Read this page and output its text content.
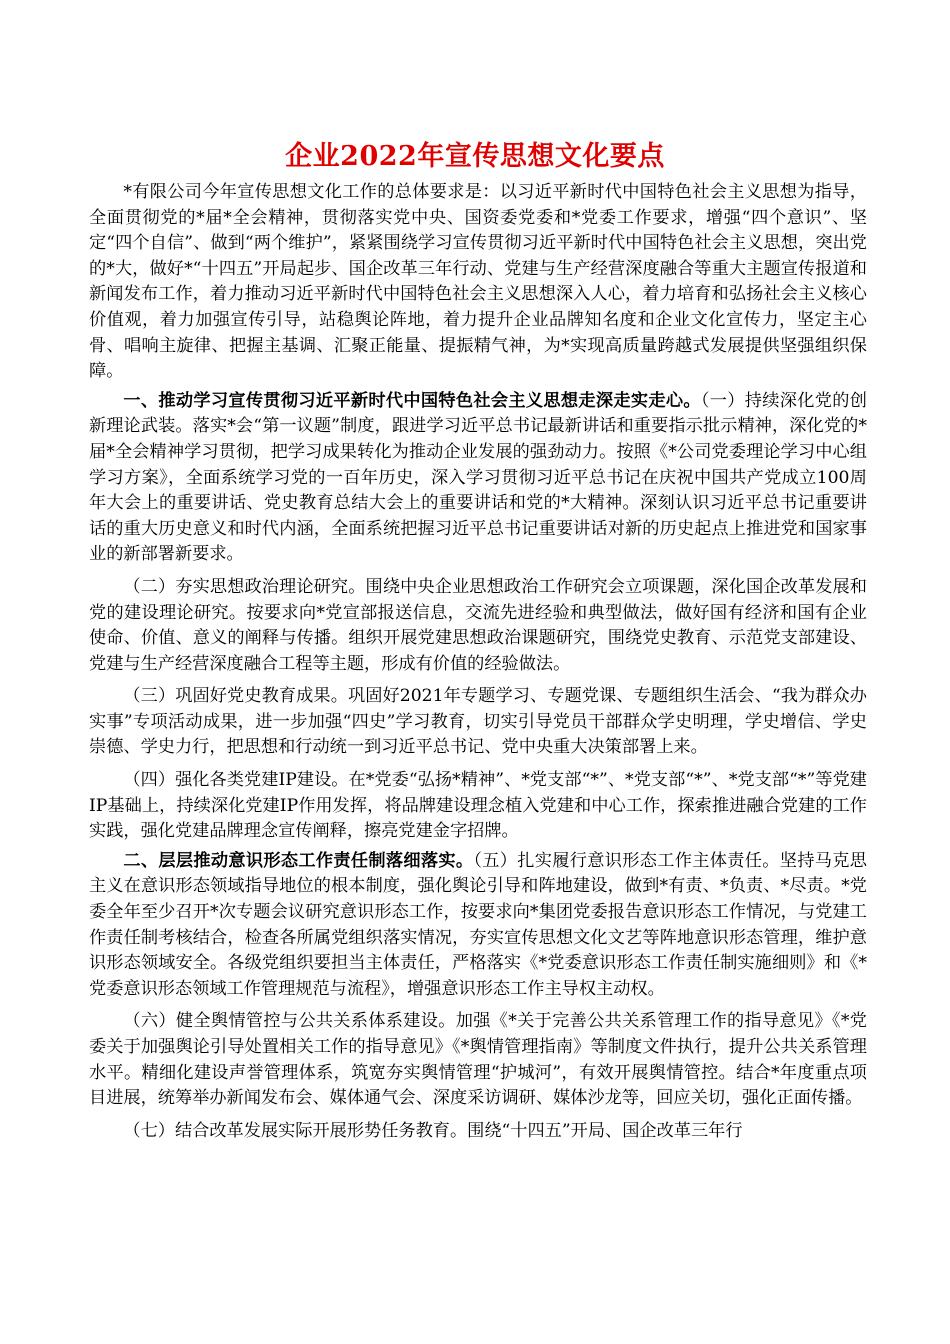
企业2022年宣传思想文化要点

*有限公司今年宣传思想文化工作的总体要求是：以习近平新时代中国特色社会主义思想为指导，全面贯彻党的*届*全会精神，贯彻落实党中央、国资委党委和*党委工作要求，增强“四个意识”、坚定“四个自信”、做到“两个维护”，紧紧围绕学习宣传贯彻习近平新时代中国特色社会主义思想，突出党的*大，做好*“十四五”开局起步、国企改革三年行动、党建与生产经营深度融合等重大主题宣传报道和新闻发布工作，着力推动习近平新时代中国特色社会主义思想深入人心，着力培育和弘扬社会主义核心价值观，着力加强宣传引导，站稳舆论阵地，着力提升企业品牌知名度和企业文化宣传力，坚定主心骨、唱响主旋律、把握主基调、汇聚正能量、提振精气神，为*实现高质量跨越式发展提供坚强组织保障。

一、推动学习宣传贯彻习近平新时代中国特色社会主义思想走深走实走心。（一）持续深化党的创新理论武装。落实*会“第一议题”制度，跟进学习近平总书记最新讲话和重要指示批示精神，深化党的*届*全会精神学习贯彻，把学习成果转化为推动企业发展的强劲动力。按照《*公司党委理论学习中心组学习方案》，全面系统学习党的一百年历史，深入学习贯彻习近平总书记在庆祝中国共产党成立100周年大会上的重要讲话、党史教育总结大会上的重要讲话和党的*大精神。深刻认识习近平总书记重要讲话的重大历史意义和时代内涵，全面系统把握习近平总书记重要讲话对新的历史起点上推进党和国家事业的新部署新要求。

（二）夯实思想政治理论研究。围绕中央企业思想政治工作研究会立项课题，深化国企改革发展和党的建设理论研究。按要求向*党宣部报送信息，交流先进经验和典型做法，做好国有经济和国有企业使命、价值、意义的阐释与传播。组织开展党建思想政治课题研究，围绕党史教育、示范党支部建设、党建与生产经营深度融合工程等主题，形成有价值的经验做法。

（三）巩固好党史教育成果。巩固好2021年专题学习、专题党课、专题组织生活会、“我为群众办实事”专项活动成果，进一步加强“四史”学习教育，切实引导党员干部群众学史明理，学史增信、学史崇德、学史力行，把思想和行动统一到习近平总书记、党中央重大决策部署上来。

（四）强化各类党建IP建设。在*党委“弘扬*精神”、*党支部“*”、*党支部“*”、*党支部“*”等党建IP基础上，持续深化党建IP作用发挥，将品牌建设理念植入党建和中心工作，探索推进融合党建的工作实践，强化党建品牌理念宣传阐释，擦亮党建金字招牌。

二、层层推动意识形态工作责任制落细落实。（五）扎实履行意识形态工作主体责任。坚持马克思主义在意识形态领域指导地位的根本制度，强化舆论引导和阵地建设，做到*有责、*负责、*尽责。*党委全年至少召开*次专题会议研究意识形态工作，按要求向*集团党委报告意识形态工作情况，与党建工作责任制考核结合，检查各所属党组织落实情况，夯实宣传思想文化文艺等阵地意识形态管理，维护意识形态领域安全。各级党组织要担当主体责任，严格落实《*党委意识形态工作责任制实施细则》和《*党委意识形态领域工作管理规范与流程》，增强意识形态工作主导权主动权。

（六）健全舆情管控与公共关系体系建设。加强《*关于完善公共关系管理工作的指导意见》《*党委关于加强舆论引导处置相关工作的指导意见》《*舆情管理指南》等制度文件执行，提升公共关系管理水平。精细化建设声誉管理体系，筑宽夯实舆情管理“护城河”，有效开展舆情管控。结合*年度重点项目进展，统筹举办新闻发布会、媒体通气会、深度采访调研、媒体沙龙等，回应关切，强化正面传播。

（七）结合改革发展实际开展形势任务教育。围绕“十四五”开局、国企改革三年行
